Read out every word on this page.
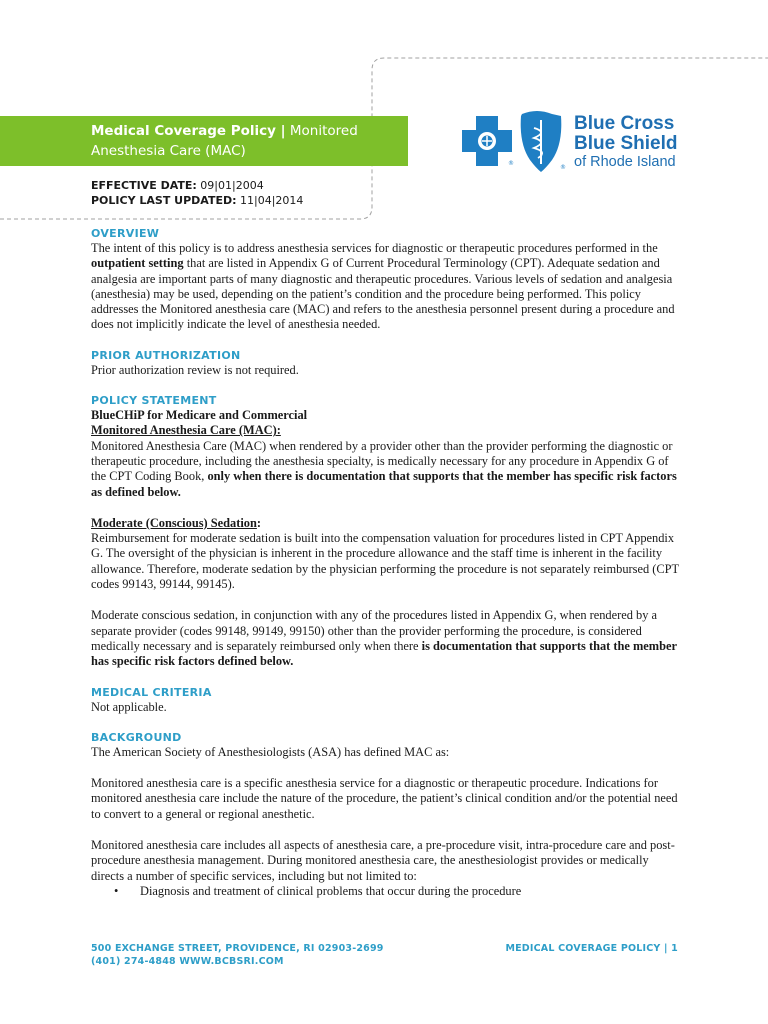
Medical Coverage Policy | Monitored
Anesthesia Care (MAC)
®
®
Blue Cross
Blue Shield
of Rhode Island
EFFECTIVE DATE: 09|01|2004
POLICY LAST UPDATED: 11|04|2014
OVERVIEW

The intent of this policy is to address anesthesia services for diagnostic or therapeutic procedures performed in the outpatient setting that are listed in Appendix G of Current Procedural Terminology (CPT). Adequate sedation and analgesia are important parts of many diagnostic and therapeutic procedures. Various levels of sedation and analgesia (anesthesia) may be used, depending on the patient’s condition and the procedure being performed. This policy addresses the Monitored anesthesia care (MAC) and refers to the anesthesia personnel present during a procedure and does not implicitly indicate the level of anesthesia needed.

PRIOR AUTHORIZATION

Prior authorization review is not required.

POLICY STATEMENT

BlueCHiP for Medicare and Commercial

Monitored Anesthesia Care (MAC):

Monitored Anesthesia Care (MAC) when rendered by a provider other than the provider performing the diagnostic or therapeutic procedure, including the anesthesia specialty, is medically necessary for any procedure in Appendix G of the CPT Coding Book, only when there is documentation that supports that the member has specific risk factors as defined below.

Moderate (Conscious) Sedation:

Reimbursement for moderate sedation is built into the compensation valuation for procedures listed in CPT Appendix G. The oversight of the physician is inherent in the procedure allowance and the staff time is inherent in the facility allowance. Therefore, moderate sedation by the physician performing the procedure is not separately reimbursed (CPT codes 99143, 99144, 99145).

Moderate conscious sedation, in conjunction with any of the procedures listed in Appendix G, when rendered by a separate provider (codes 99148, 99149, 99150) other than the provider performing the procedure, is considered medically necessary and is separately reimbursed only when there is documentation that supports that the member has specific risk factors defined below.

MEDICAL CRITERIA

Not applicable.

BACKGROUND

The American Society of Anesthesiologists (ASA) has defined MAC as:

Monitored anesthesia care is a specific anesthesia service for a diagnostic or therapeutic procedure. Indications for monitored anesthesia care include the nature of the procedure, the patient’s clinical condition and/or the potential need to convert to a general or regional anesthetic.

Monitored anesthesia care includes all aspects of anesthesia care, a pre-procedure visit, intra-procedure care and post-procedure anesthesia management. During monitored anesthesia care, the anesthesiologist provides or medically directs a number of specific services, including but not limited to:

• Diagnosis and treatment of clinical problems that occur during the procedure
500 EXCHANGE STREET, PROVIDENCE, RI 02903-2699
(401) 274-4848 WWW.BCBSRI.COM
MEDICAL COVERAGE POLICY | 1
